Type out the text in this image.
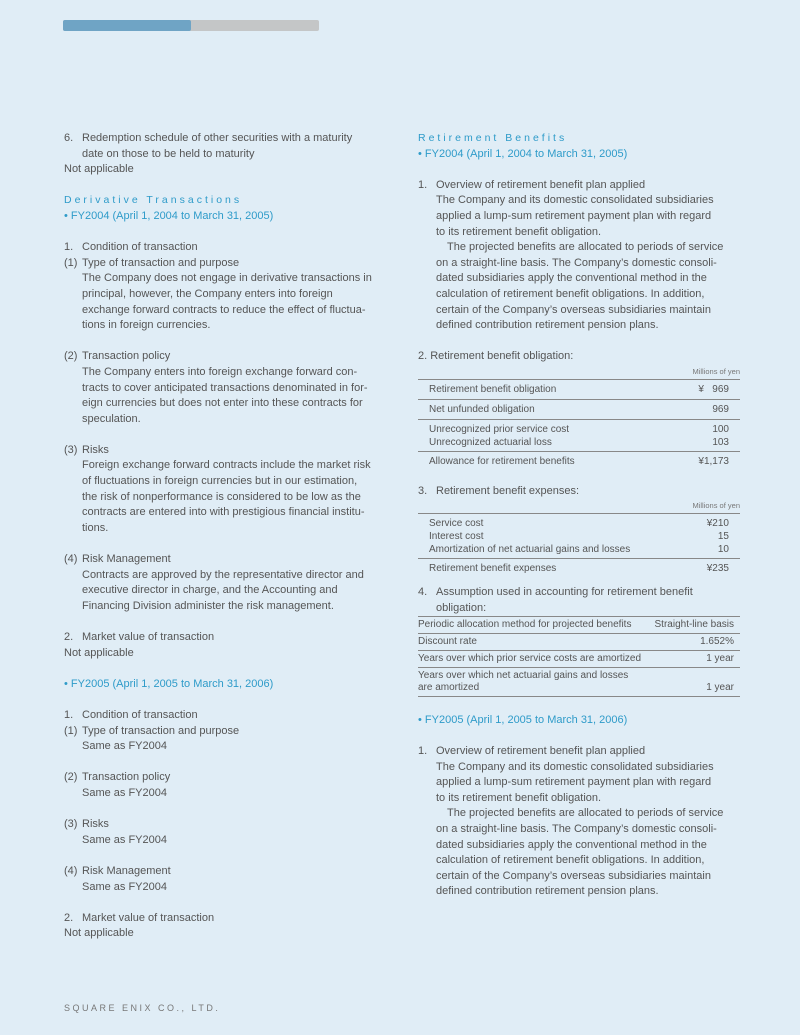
6. Redemption schedule of other securities with a maturity

date on those to be held to maturity

Not applicable

Derivative Transactions

• FY2004 (April 1, 2004 to March 31, 2005)

1. Condition of transaction
(1) Type of transaction and purpose

The Company does not engage in derivative transactions in

principal, however, the Company enters into foreign

exchange forward contracts to reduce the effect of fluctua-

tions in foreign currencies.

(2) Transaction policy

The Company enters into foreign exchange forward con-

tracts to cover anticipated transactions denominated in for-

eign currencies but does not enter into these contracts for

speculation.

(3) Risks

Foreign exchange forward contracts include the market risk

of fluctuations in foreign currencies but in our estimation,

the risk of nonperformance is considered to be low as the

contracts are entered into with prestigious financial institu-

tions.

(4) Risk Management

Contracts are approved by the representative director and

executive director in charge, and the Accounting and

Financing Division administer the risk management.

2. Market value of transaction

Not applicable

• FY2005 (April 1, 2005 to March 31, 2006)

1. Condition of transaction
(1) Type of transaction and purpose

Same as FY2004

(2) Transaction policy

Same as FY2004

(3) Risks

Same as FY2004

(4) Risk Management

Same as FY2004

2. Market value of transaction

Not applicable

Retirement Benefits

• FY2004 (April 1, 2004 to March 31, 2005)

1. Overview of retirement benefit plan applied

The Company and its domestic consolidated subsidiaries

applied a lump-sum retirement payment plan with regard

to its retirement benefit obligation.

The projected benefits are allocated to periods of service

on a straight-line basis. The Company’s domestic consoli-

dated subsidiaries apply the conventional method in the

calculation of retirement benefit obligations. In addition,

certain of the Company’s overseas subsidiaries maintain

defined contribution retirement pension plans.

2. Retirement benefit obligation:

Millions of yen
Retirement benefit obligation	¥   969
Net unfunded obligation	969
Unrecognized prior service cost	100
Unrecognized actuarial loss	103
Allowance for retirement benefits	¥1,173
3. Retirement benefit expenses:
Millions of yen
Service cost	¥210
Interest cost	15
Amortization of net actuarial gains and losses	10
Retirement benefit expenses	¥235
4. Assumption used in accounting for retirement benefit

obligation:

Periodic allocation method for projected benefits	Straight-line basis
Discount rate	1.652%
Years over which prior service costs are amortized	1 year

Years over which net actuarial gains and losses
are amortized	1 year

• FY2005 (April 1, 2005 to March 31, 2006)

1. Overview of retirement benefit plan applied

The Company and its domestic consolidated subsidiaries

applied a lump-sum retirement payment plan with regard

to its retirement benefit obligation.

The projected benefits are allocated to periods of service

on a straight-line basis. The Company’s domestic consoli-

dated subsidiaries apply the conventional method in the

calculation of retirement benefit obligations. In addition,

certain of the Company’s overseas subsidiaries maintain

defined contribution retirement pension plans.

SQUARE ENIX CO., LTD.
